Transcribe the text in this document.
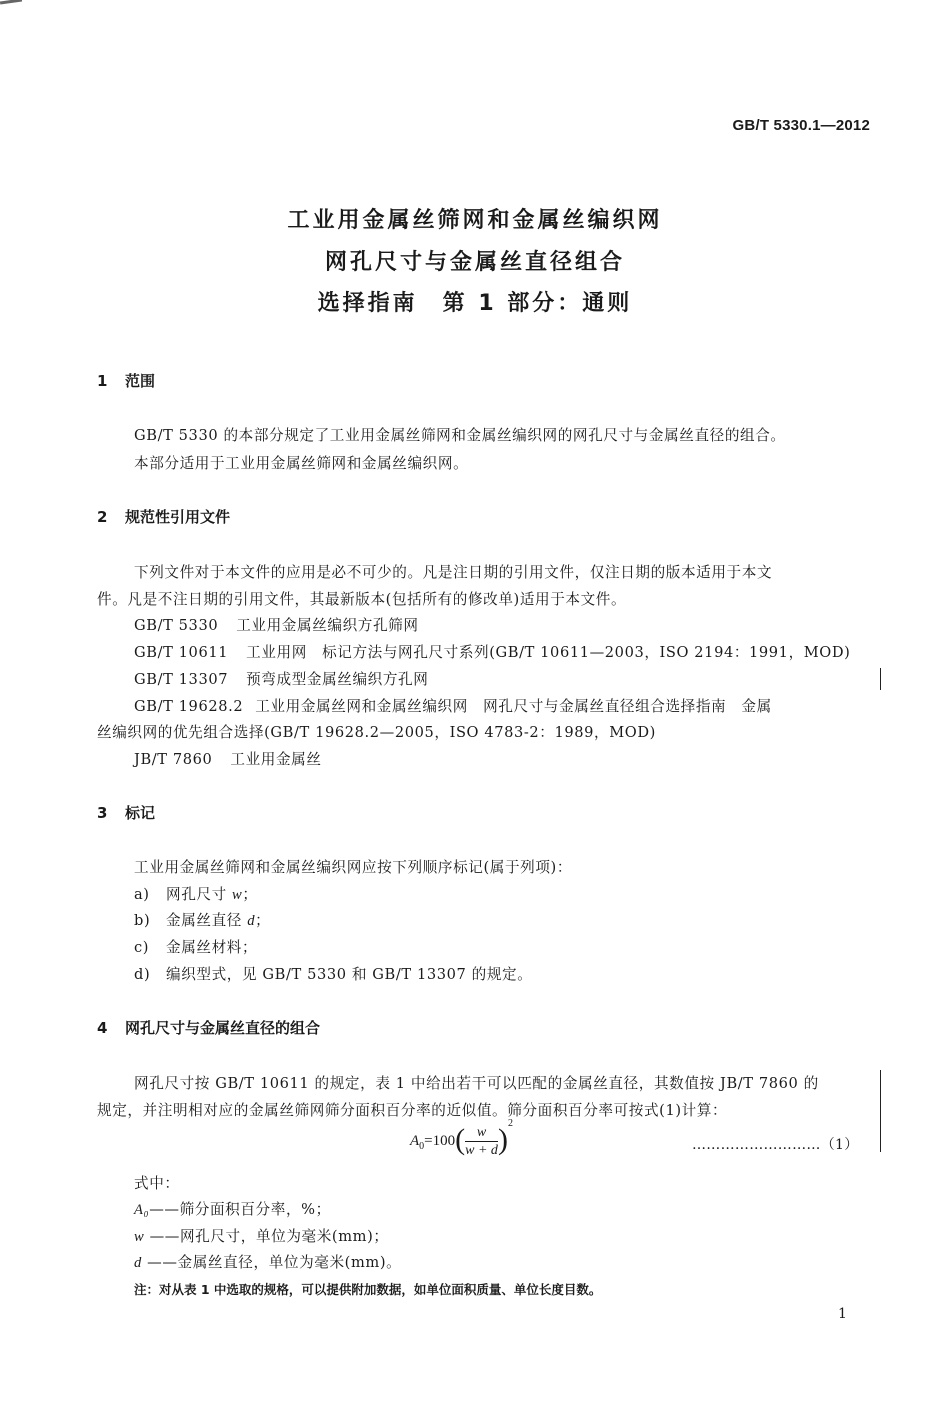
GB/T 5330.1—2012
工业用金属丝筛网和金属丝编织网
网孔尺寸与金属丝直径组合
选择指南　第 1 部分：通则
1 范围
GB/T 5330 的本部分规定了工业用金属丝筛网和金属丝编织网的网孔尺寸与金属丝直径的组合。
本部分适用于工业用金属丝筛网和金属丝编织网。
2 规范性引用文件
下列文件对于本文件的应用是必不可少的。凡是注日期的引用文件，仅注日期的版本适用于本文
件。凡是不注日期的引用文件，其最新版本(包括所有的修改单)适用于本文件。
GB/T 5330 工业用金属丝编织方孔筛网
GB/T 10611 工业用网　标记方法与网孔尺寸系列(GB/T 10611—2003，ISO 2194：1991，MOD)
GB/T 13307 预弯成型金属丝编织方孔网
GB/T 19628.2 工业用金属丝网和金属丝编织网　网孔尺寸与金属丝直径组合选择指南　金属
丝编织网的优先组合选择(GB/T 19628.2—2005，ISO 4783-2：1989，MOD)
JB/T 7860 工业用金属丝
3 标记
工业用金属丝筛网和金属丝编织网应按下列顺序标记(属于列项)：
a) 网孔尺寸 w；
b) 金属丝直径 d；
c) 金属丝材料；
d) 编织型式，见 GB/T 5330 和 GB/T 13307 的规定。
4 网孔尺寸与金属丝直径的组合
网孔尺寸按 GB/T 10611 的规定，表 1 中给出若干可以匹配的金属丝直径，其数值按 JB/T 7860 的
规定，并注明相对应的金属丝筛网筛分面积百分率的近似值。筛分面积百分率可按式(1)计算：
$A_0=100( \frac{w}{w + d} )^2$
………………………（1）
式中：
A₀——筛分面积百分率，%；
w ——网孔尺寸，单位为毫米(mm)；
d ——金属丝直径，单位为毫米(mm)。
注：对从表 1 中选取的规格，可以提供附加数据，如单位面积质量、单位长度目数。
1
